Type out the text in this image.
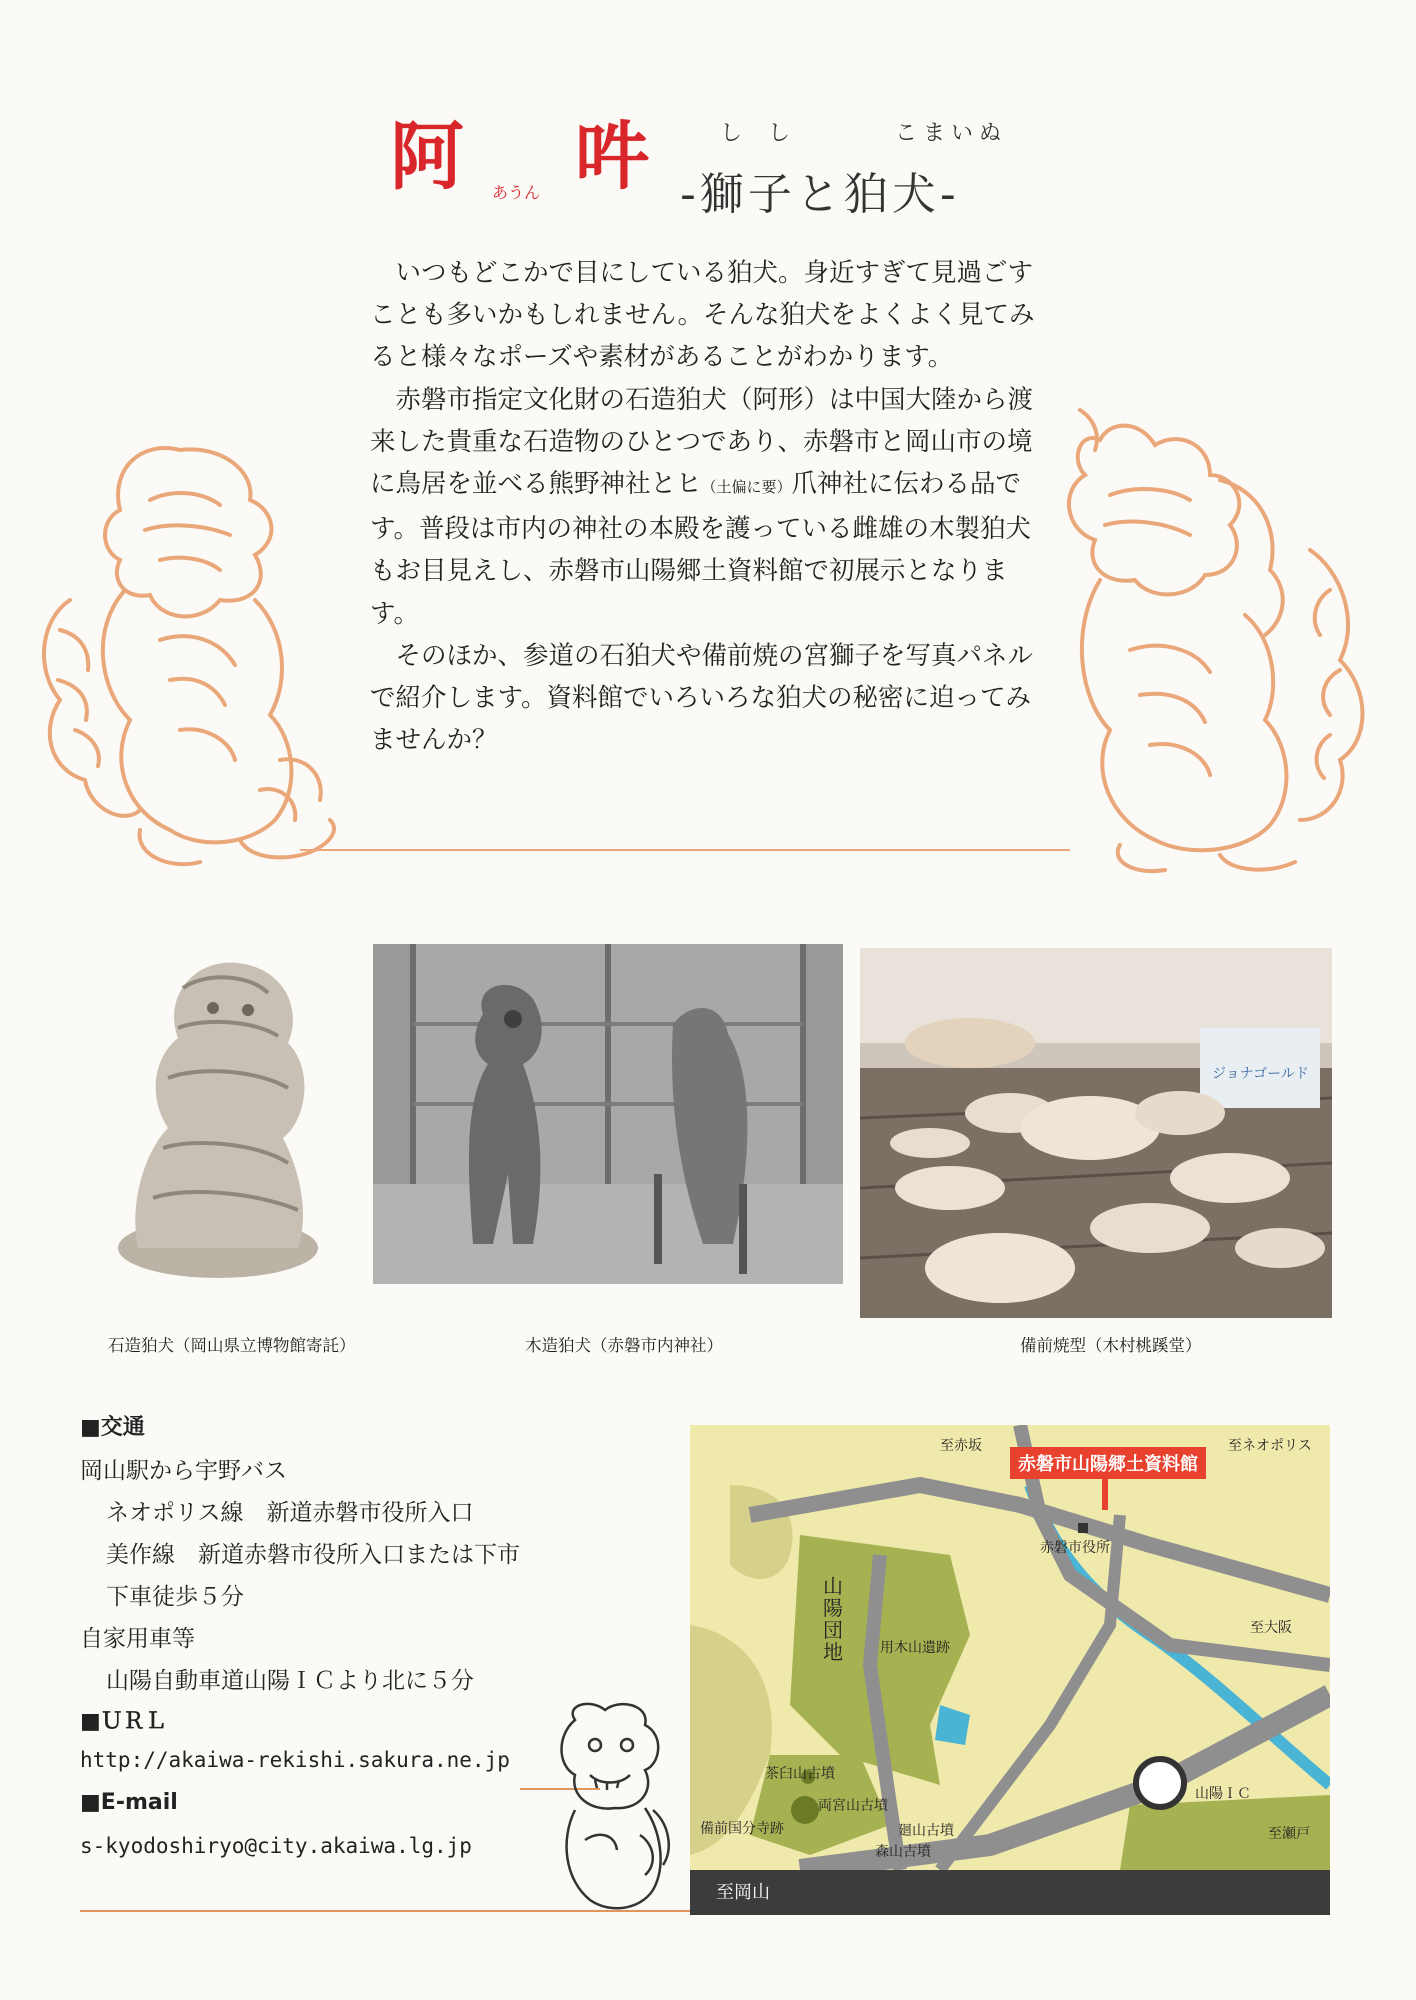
阿 あうん 吽	しし	こまいぬ
-獅子と狛犬-

いつもどこかで目にしている狛犬。身近すぎて見過ごすことも多いかもしれません。そんな狛犬をよくよく見てみると様々なポーズや素材があることがわかります。

赤磐市指定文化財の石造狛犬（阿形）は中国大陸から渡来した貴重な石造物のひとつであり、赤磐市と岡山市の境に鳥居を並べる熊野神社とヒ（土偏に要）爪神社に伝わる品です。普段は市内の神社の本殿を護っている雌雄の木製狛犬もお目見えし、赤磐市山陽郷土資料館で初展示となります。

そのほか、参道の石狛犬や備前焼の宮獅子を写真パネルで紹介します。資料館でいろいろな狛犬の秘密に迫ってみませんか？

ジョナゴールド
石造狛犬（岡山県立博物館寄託）	木造狛犬（赤磐市内神社）	備前焼型（木村桃蹊堂）
■交通
岡山駅から宇野バス
ネオポリス線　新道赤磐市役所入口
美作線　新道赤磐市役所入口または下市
下車徒歩５分
自家用車等
山陽自動車道山陽ＩＣより北に５分
■ＵＲＬ
http://akaiwa-rekishi.sakura.ne.jp
■E-mail
s-kyodoshiryo@city.akaiwa.lg.jp
赤磐市山陽郷土資料館
至赤坂	至ネオポリス
赤磐市役所
山陽団地	用木山遺跡
至大阪
茶臼山古墳
両宮山古墳
廻山古墳
備前国分寺跡
森山古墳
山陽ＩＣ
至瀬戸
至岡山
